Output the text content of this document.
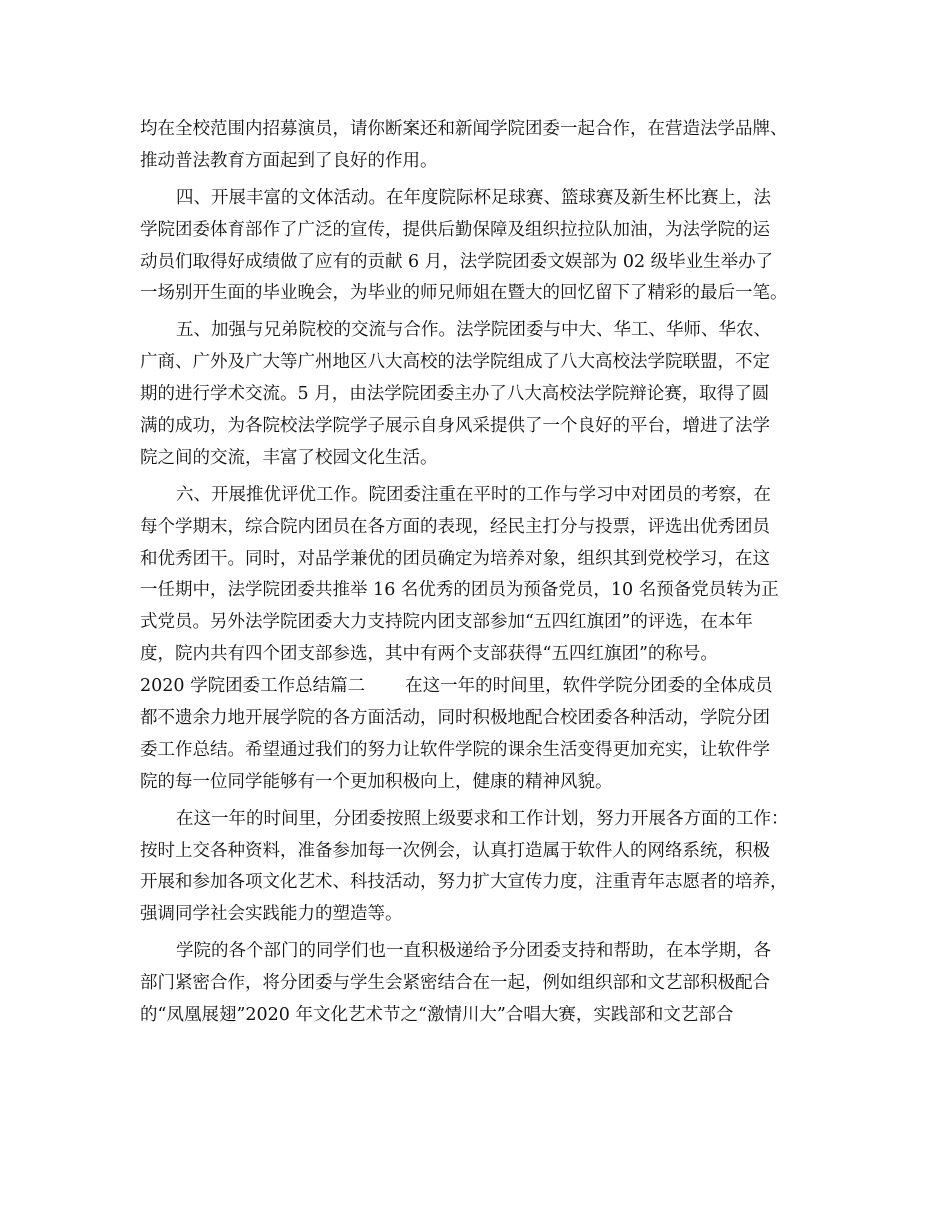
均在全校范围内招募演员，请你断案还和新闻学院团委一起合作，在营造法学品牌、
推动普法教育方面起到了良好的作用。
四、开展丰富的文体活动。在年度院际杯足球赛、篮球赛及新生杯比赛上，法
学院团委体育部作了广泛的宣传，提供后勤保障及组织拉拉队加油，为法学院的运
动员们取得好成绩做了应有的贡献 6 月，法学院团委文娱部为 02 级毕业生举办了
一场别开生面的毕业晚会，为毕业的师兄师姐在暨大的回忆留下了精彩的最后一笔。
五、加强与兄弟院校的交流与合作。法学院团委与中大、华工、华师、华农、
广商、广外及广大等广州地区八大高校的法学院组成了八大高校法学院联盟，不定
期的进行学术交流。5 月，由法学院团委主办了八大高校法学院辩论赛，取得了圆
满的成功，为各院校法学院学子展示自身风采提供了一个良好的平台，增进了法学
院之间的交流，丰富了校园文化生活。
六、开展推优评优工作。院团委注重在平时的工作与学习中对团员的考察，在
每个学期末，综合院内团员在各方面的表现，经民主打分与投票，评选出优秀团员
和优秀团干。同时，对品学兼优的团员确定为培养对象，组织其到党校学习，在这
一任期中，法学院团委共推举 16 名优秀的团员为预备党员，10 名预备党员转为正
式党员。另外法学院团委大力支持院内团支部参加“五四红旗团”的评选，在本年
度，院内共有四个团支部参选，其中有两个支部获得“五四红旗团”的称号。
2020 学院团委工作总结篇二 在这一年的时间里，软件学院分团委的全体成员
都不遗余力地开展学院的各方面活动，同时积极地配合校团委各种活动，学院分团
委工作总结。希望通过我们的努力让软件学院的课余生活变得更加充实，让软件学
院的每一位同学能够有一个更加积极向上，健康的精神风貌。
在这一年的时间里，分团委按照上级要求和工作计划，努力开展各方面的工作：
按时上交各种资料，准备参加每一次例会，认真打造属于软件人的网络系统，积极
开展和参加各项文化艺术、科技活动，努力扩大宣传力度，注重青年志愿者的培养，
强调同学社会实践能力的塑造等。
学院的各个部门的同学们也一直积极递给予分团委支持和帮助，在本学期，各
部门紧密合作，将分团委与学生会紧密结合在一起，例如组织部和文艺部积极配合
的“凤凰展翅”2020 年文化艺术节之“激情川大”合唱大赛，实践部和文艺部合
